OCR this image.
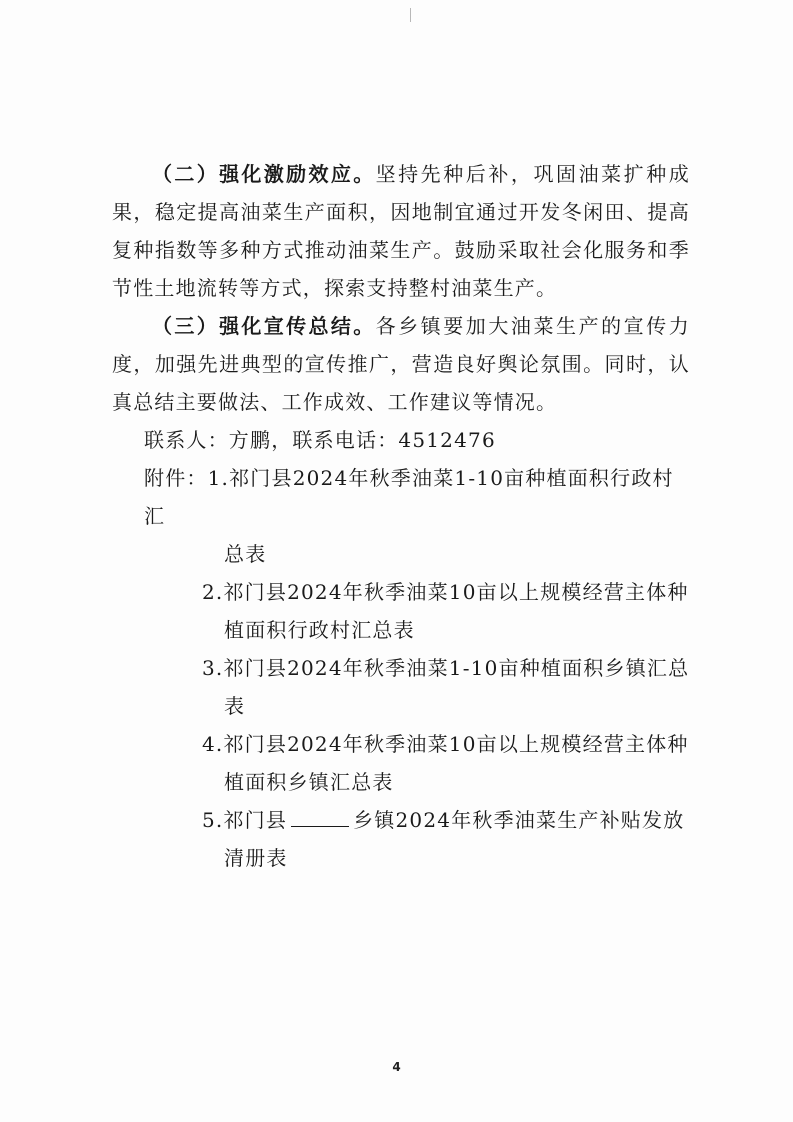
（二）强化激励效应。坚持先种后补，巩固油菜扩种成果，稳定提高油菜生产面积，因地制宜通过开发冬闲田、提高复种指数等多种方式推动油菜生产。鼓励采取社会化服务和季节性土地流转等方式，探索支持整村油菜生产。

（三）强化宣传总结。各乡镇要加大油菜生产的宣传力度，加强先进典型的宣传推广，营造良好舆论氛围。同时，认真总结主要做法、工作成效、工作建议等情况。

联系人：方鹏，联系电话：4512476

附件：1.祁门县2024年秋季油菜1-10亩种植面积行政村汇
总表
2.祁门县2024年秋季油菜10亩以上规模经营主体种
植面积行政村汇总表
3.祁门县2024年秋季油菜1-10亩种植面积乡镇汇总
表
4.祁门县2024年秋季油菜10亩以上规模经营主体种
植面积乡镇汇总表
5.祁门县	乡镇2024年秋季油菜生产补贴发放
清册表
4
